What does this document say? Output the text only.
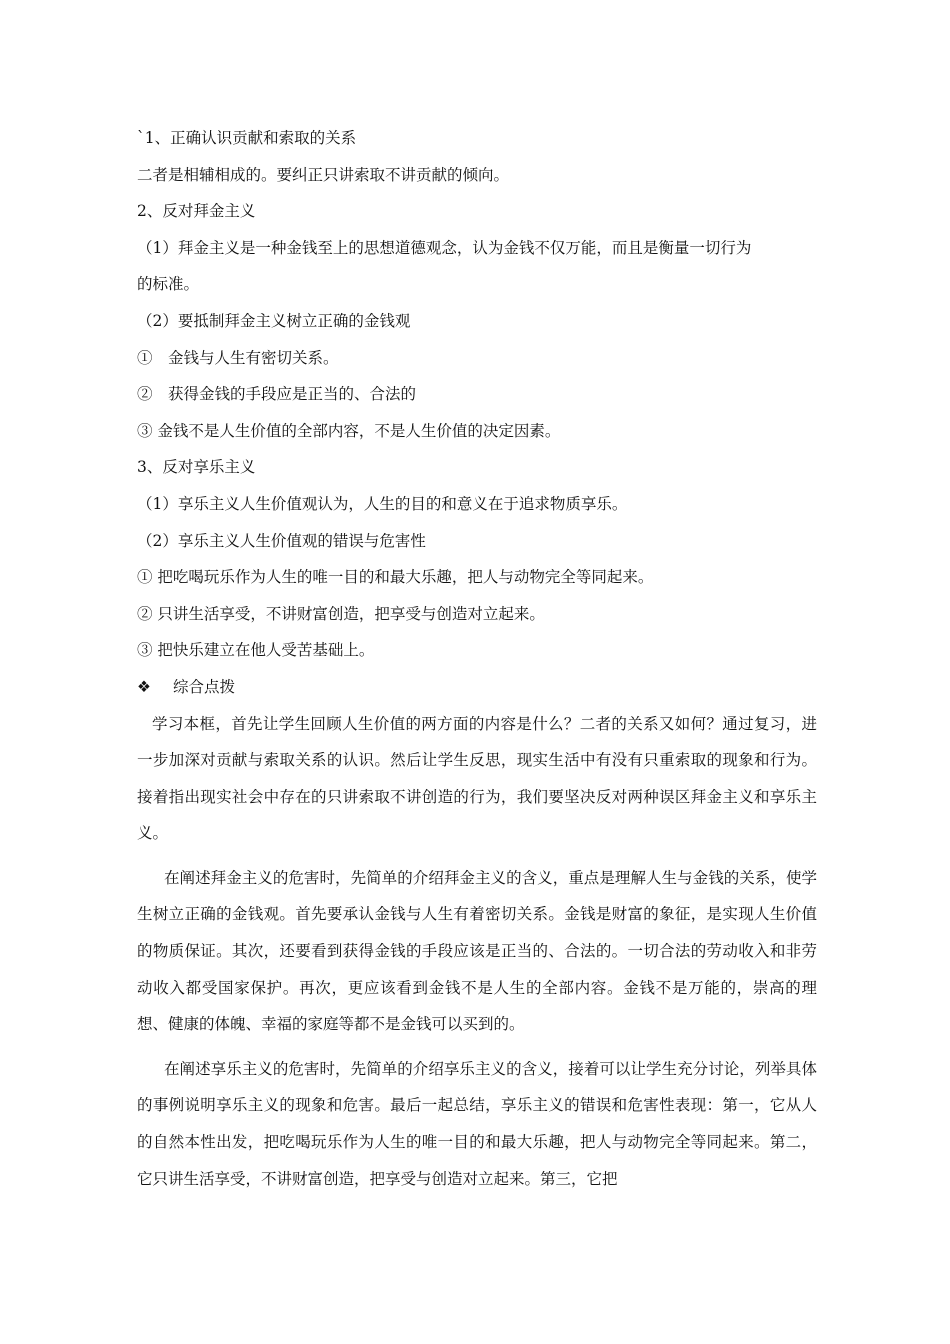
`1、正确认识贡献和索取的关系
二者是相辅相成的。要纠正只讲索取不讲贡献的倾向。
2、反对拜金主义
（1）拜金主义是一种金钱至上的思想道德观念，认为金钱不仅万能，而且是衡量一切行为
的标准。
（2）要抵制拜金主义树立正确的金钱观
①　金钱与人生有密切关系。
②　获得金钱的手段应是正当的、合法的
③ 金钱不是人生价值的全部内容，不是人生价值的决定因素。
3、反对享乐主义
（1）享乐主义人生价值观认为，人生的目的和意义在于追求物质享乐。
（2）享乐主义人生价值观的错误与危害性
① 把吃喝玩乐作为人生的唯一目的和最大乐趣，把人与动物完全等同起来。
② 只讲生活享受，不讲财富创造，把享受与创造对立起来。
③ 把快乐建立在他人受苦基础上。
❖ 综合点拨

学习本框，首先让学生回顾人生价值的两方面的内容是什么？二者的关系又如何？通过复习，进一步加深对贡献与索取关系的认识。然后让学生反思，现实生活中有没有只重索取的现象和行为。接着指出现实社会中存在的只讲索取不讲创造的行为，我们要坚决反对两种误区拜金主义和享乐主义。

在阐述拜金主义的危害时，先简单的介绍拜金主义的含义，重点是理解人生与金钱的关系，使学生树立正确的金钱观。首先要承认金钱与人生有着密切关系。金钱是财富的象征，是实现人生价值的物质保证。其次，还要看到获得金钱的手段应该是正当的、合法的。一切合法的劳动收入和非劳动收入都受国家保护。再次，更应该看到金钱不是人生的全部内容。金钱不是万能的，崇高的理想、健康的体魄、幸福的家庭等都不是金钱可以买到的。

在阐述享乐主义的危害时，先简单的介绍享乐主义的含义，接着可以让学生充分讨论，列举具体的事例说明享乐主义的现象和危害。最后一起总结，享乐主义的错误和危害性表现：第一，它从人的自然本性出发，把吃喝玩乐作为人生的唯一目的和最大乐趣，把人与动物完全等同起来。第二，它只讲生活享受，不讲财富创造，把享受与创造对立起来。第三，它把
